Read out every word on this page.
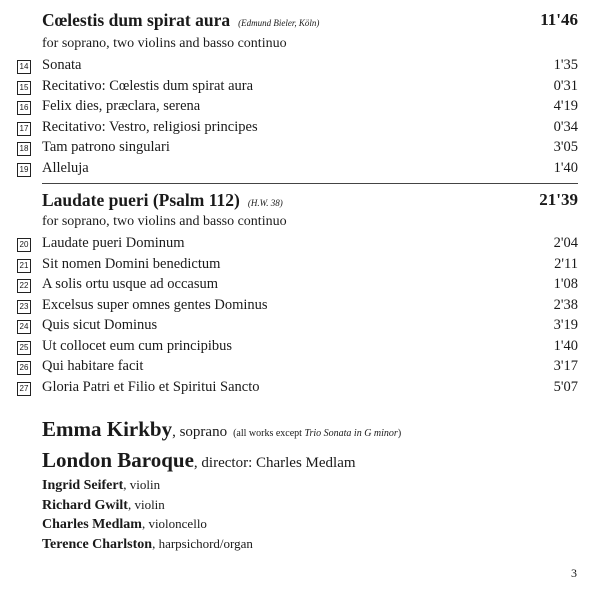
Cœlestis dum spirat aura (Edmund Bieler, Köln)	11'46
for soprano, two violins and basso continuo
14 Sonata	1'35
15 Recitativo: Cœlestis dum spirat aura	0'31
16 Felix dies, præclara, serena	4'19
17 Recitativo: Vestro, religiosi principes	0'34
18 Tam patrono singulari	3'05
19 Alleluja	1'40
Laudate pueri (Psalm 112) (H.W. 38)	21'39
for soprano, two violins and basso continuo
20 Laudate pueri Dominum	2'04
21 Sit nomen Domini benedictum	2'11
22 A solis ortu usque ad occasum	1'08
23 Excelsus super omnes gentes Dominus	2'38
24 Quis sicut Dominus	3'19
25 Ut collocet eum cum principibus	1'40
26 Qui habitare facit	3'17
27 Gloria Patri et Filio et Spiritui Sancto	5'07
Emma Kirkby, soprano (all works except Trio Sonata in G minor)
London Baroque, director: Charles Medlam
Ingrid Seifert, violin
Richard Gwilt, violin
Charles Medlam, violoncello
Terence Charlston, harpsichord/organ
3
